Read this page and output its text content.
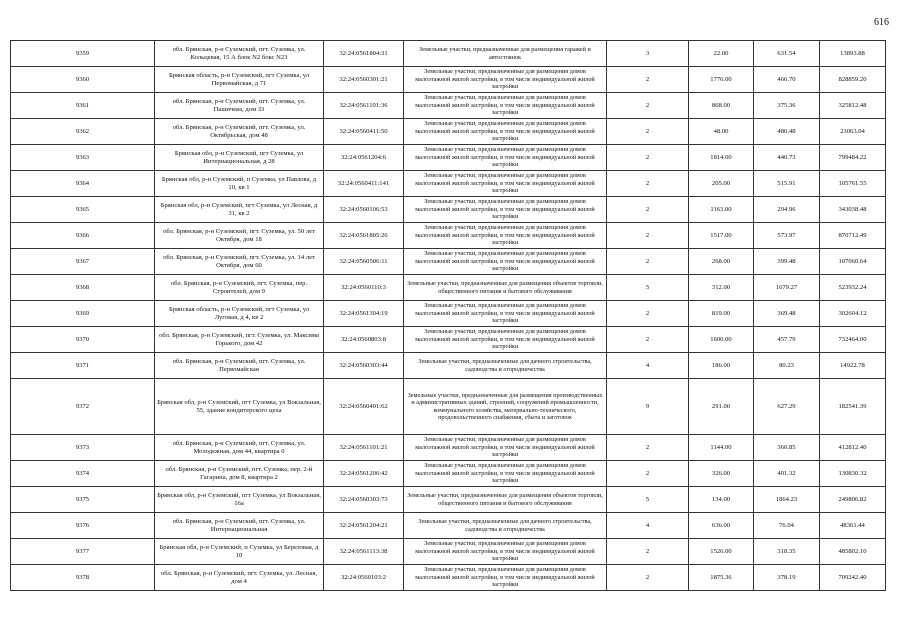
616
9359	обл. Брянская, р-н Суземский, пгт. Суземка, ул. Кольцевая, 15 А блок N2 бокс N23	32:24:0561804:31	Земельные участки, предназначенные для размещения гаражей и автостоянок	3	22.00	631.54	13893.88
9360	Брянская область, р-н Суземский, пгт Суземка, ул Первомайская, д 71	32:24:0560301:21	Земельные участки, предназначенные для размещения домов малоэтажной жилой застройки, в том числе индивидуальной жилой застройки	2	1776.00	466.70	828859.20
9361	обл. Брянская, р-н Суземский, пгт. Суземка, ул. Пашичева, дом 33	32:24:0561101:36	Земельные участки, предназначенные для размещения домов малоэтажной жилой застройки, в том числе индивидуальной жилой застройки	2	868.00	375.36	325812.48
9362	обл. Брянская, р-н Суземский, пгт. Суземка, ул. Октябрьская, дом 48	32:24:0560411:50	Земельные участки, предназначенные для размещения домов малоэтажной жилой застройки, в том числе индивидуальной жилой застройки	2	48.00	480.48	23063.04
9363	Брянская обл, р-н Суземский, пгт Суземка, ул Интернациональная, д 28	32:24:0561204:6	Земельные участки, предназначенные для размещения домов малоэтажной жилой застройки, в том числе индивидуальной жилой застройки	2	1814.00	440.73	799484.22
9364	Брянская обл, р-н Суземский, п Суземка, ул Павлова, д 10, кв 1	32:24:0560411:141	Земельные участки, предназначенные для размещения домов малоэтажной жилой застройки, в том числе индивидуальной жилой застройки	2	205.00	515.91	105761.55
9365	Брянская обл, р-н Суземский, пгт Суземка, ул Лесная, д 31, кв 2	32:24:0560106:53	Земельные участки, предназначенные для размещения домов малоэтажной жилой застройки, в том числе индивидуальной жилой застройки	2	1163.00	294.96	343038.48
9366	обл. Брянская, р-н Суземский, пгт. Суземка, ул. 50 лет Октября, дом 18	32:24:0561805:26	Земельные участки, предназначенные для размещения домов малоэтажной жилой застройки, в том числе индивидуальной жилой застройки	2	1517.00	573.97	870712.49
9367	обл. Брянская, р-н Суземский, пгт. Суземка, ул. 14 лет Октября, дом 60	32:24:0560506:11	Земельные участки, предназначенные для размещения домов малоэтажной жилой застройки, в том числе индивидуальной жилой застройки	2	268.00	399.48	107060.64
9368	обл. Брянская, р-н Суземский, пгт. Суземка, пер. Строителей, дом 9	32:24:0560110:3	Земельные участки, предназначенные для размещения объектов торговли, общественного питания и бытового обслуживания	5	312.00	1679.27	523932.24
9369	Брянская область, р-н Суземский, пгт Суземка, ул Луговая, д 4, кв 2	32:24:0561304:19	Земельные участки, предназначенные для размещения домов малоэтажной жилой застройки, в том числе индивидуальной жилой застройки	2	819.00	369.48	302604.12
9370	обл. Брянская, р-н Суземский, пгт. Суземка, ул. Максима Горького, дом 42	32:24:0560803:8	Земельные участки, предназначенные для размещения домов малоэтажной жилой застройки, в том числе индивидуальной жилой застройки	2	1600.00	457.79	732464.00
9371	обл. Брянская, р-н Суземский, пгт. Суземка, ул. Первомайская	32:24:0560303:44	Земельные участки, предназначенные для дачного строительства, садоводства и огородничества	4	186.00	80.23	14922.78
9372	Брянская обл, р-н Суземский, пгт Суземка, ул Вокзальная, 55, здание кондитерского цеха	32:24:0560401:62	Земельные участки, предназначенные для размещения производственных и административных зданий, строений, сооружений промышленности, коммунального хозяйства, материально-технического, продовольственного снабжения, сбыта и заготовок	9	291.00	627.29	182541.39
9373	обл. Брянская, р-н Суземский, пгт. Суземка, ул. Молодежная, дом 44, квартира 0	32:24:0561101:21	Земельные участки, предназначенные для размещения домов малоэтажной жилой застройки, в том числе индивидуальной жилой застройки	2	1144.00	360.85	412812.40
9374	обл. Брянская, р-н Суземский, пгт. Суземка, пер. 2-й Гагарина, дом 8, квартира 2	32:24:0561206:42	Земельные участки, предназначенные для размещения домов малоэтажной жилой застройки, в том числе индивидуальной жилой застройки	2	326.00	401.32	130830.32
9375	Брянская обл, р-н Суземский, пгт Суземка, ул Вокзальная, 16а	32:24:0560303:73	Земельные участки, предназначенные для размещения объектов торговли, общественного питания и бытового обслуживания	5	134.00	1864.23	249806.82
9376	обл. Брянская, р-н Суземский, пгт. Суземка, ул. Интернациональная	32:24:0561204:21	Земельные участки, предназначенные для дачного строительства, садоводства и огородничества	4	636.00	76.04	48361.44
9377	Брянская обл, р-н Суземский, п Суземка, ул Березовая, д 10	32:24:0561113:38	Земельные участки, предназначенные для размещения домов малоэтажной жилой застройки, в том числе индивидуальной жилой застройки	2	1526.00	318.35	485802.10
9378	обл. Брянская, р-н Суземский, пгт. Суземка, ул. Лесная, дом 4	32:24:0560103:2	Земельные участки, предназначенные для размещения домов малоэтажной жилой застройки, в том числе индивидуальной жилой застройки	2	1875.36	378.19	709242.40
